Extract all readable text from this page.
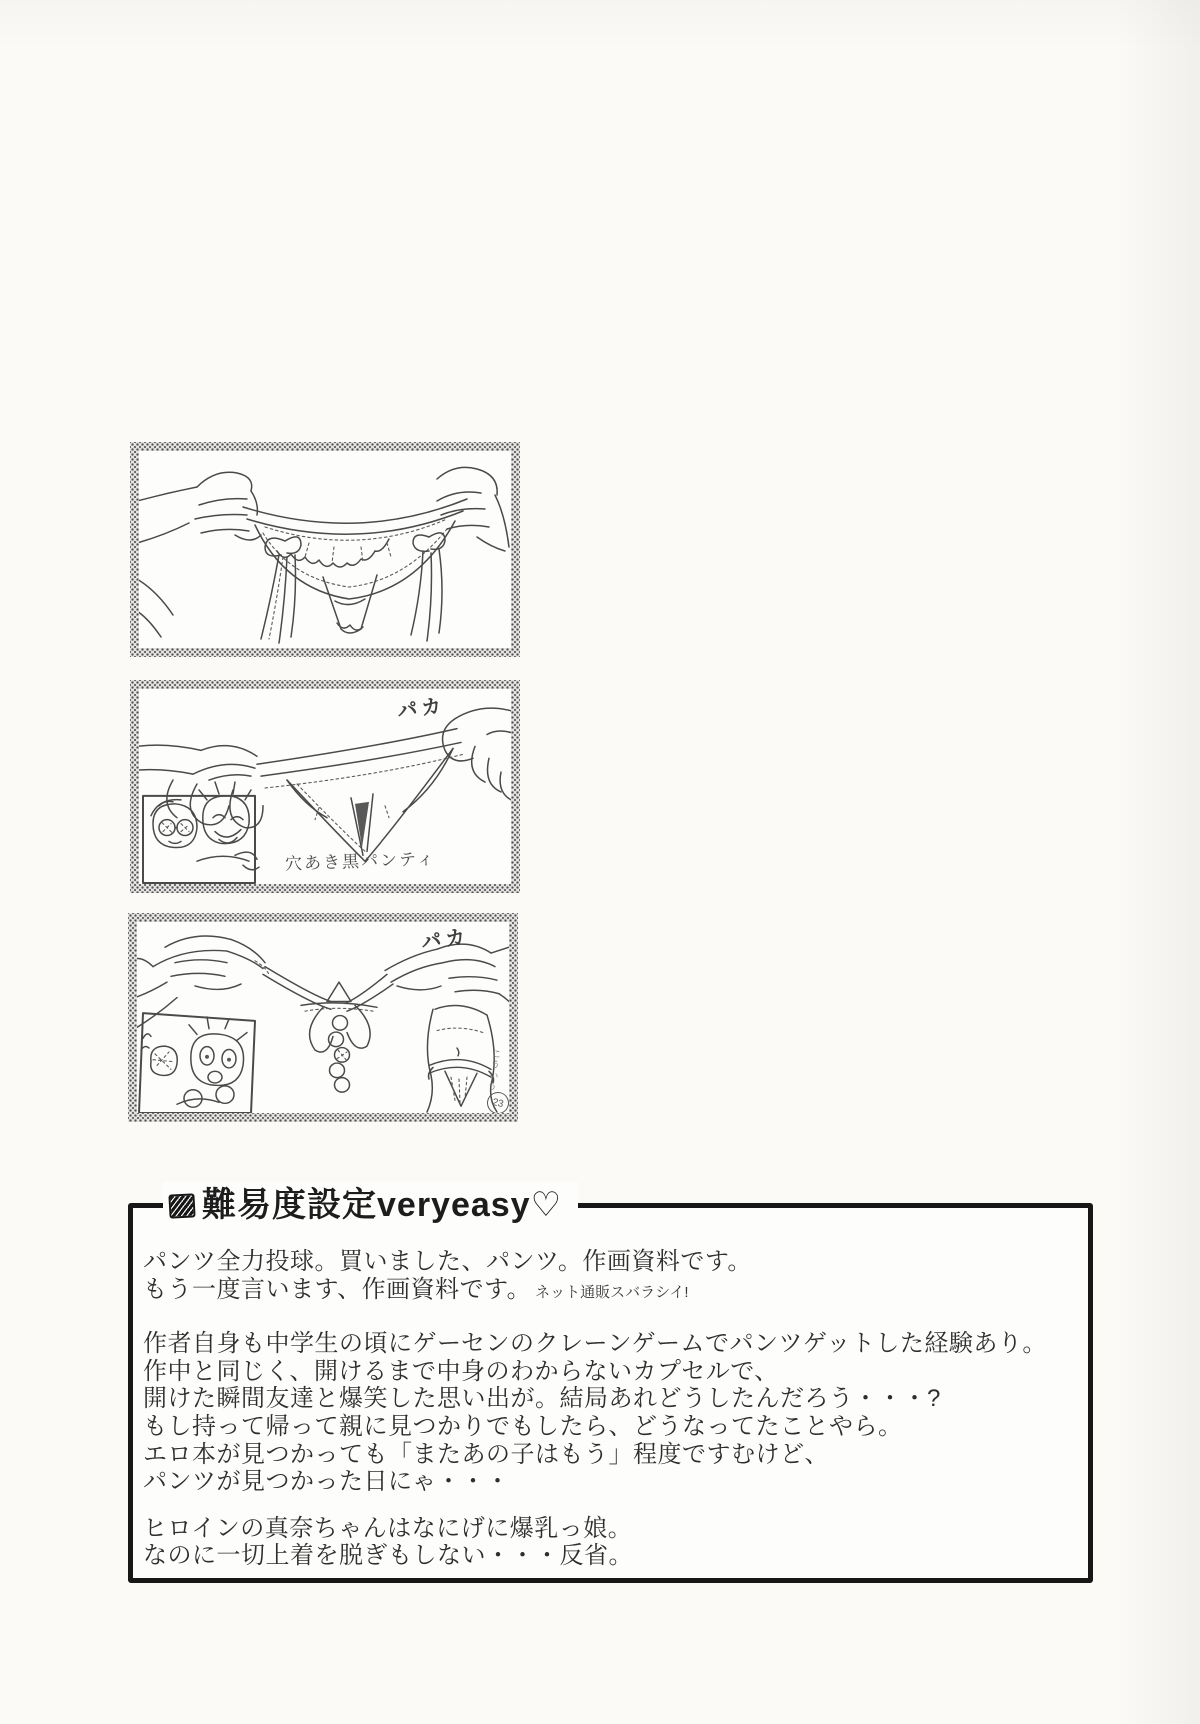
パカ
穴あき黒パンティ
パカ
こういう
23
難易度設定veryeasy♡
パンツ全力投球。買いました、パンツ。作画資料です。
もう一度言います、作画資料です。 ネット通販スバラシイ!
作者自身も中学生の頃にゲーセンのクレーンゲームでパンツゲットした経験あり。
作中と同じく、開けるまで中身のわからないカプセルで、
開けた瞬間友達と爆笑した思い出が。結局あれどうしたんだろう・・・?
もし持って帰って親に見つかりでもしたら、どうなってたことやら。
エロ本が見つかっても「またあの子はもう」程度ですむけど、
パンツが見つかった日にゃ・・・
ヒロインの真奈ちゃんはなにげに爆乳っ娘。
なのに一切上着を脱ぎもしない・・・反省。
